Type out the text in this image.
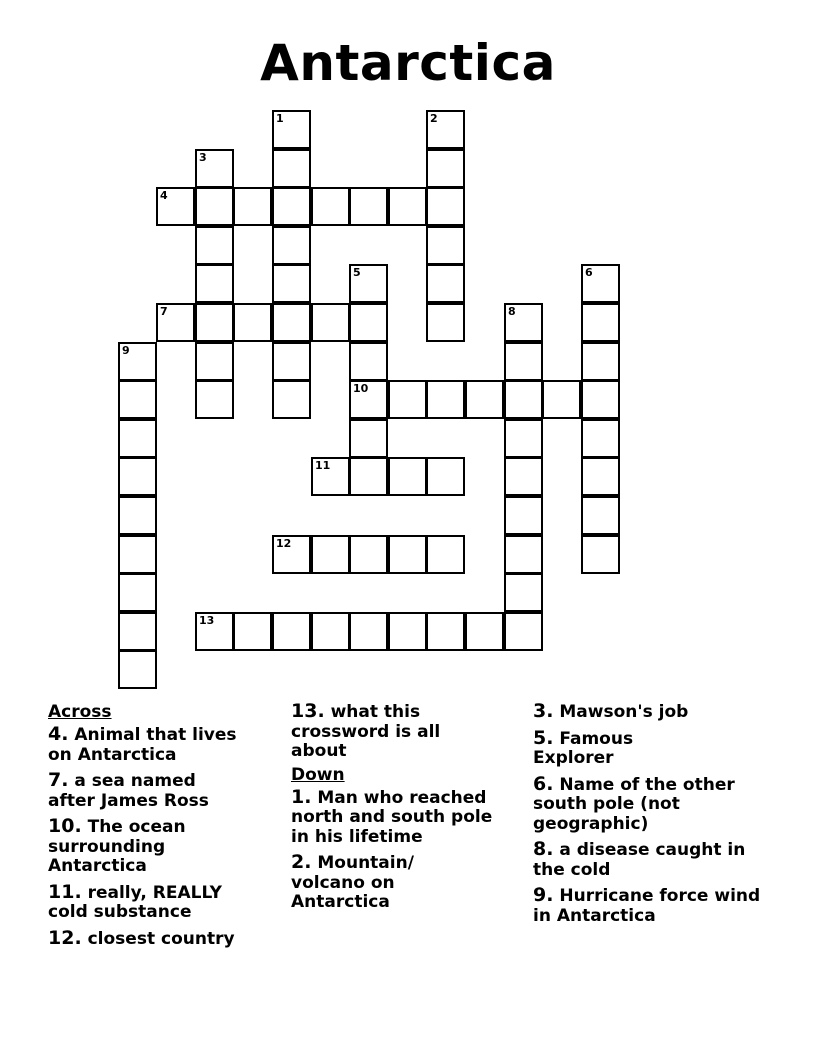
Antarctica
1	2
3
4
5	6
7	8
9
10
11
12
13
Across
4. Animal that lives on Antarctica
7. a sea named after James Ross
10. The ocean surrounding Antarctica
11. really, REALLY cold substance
12. closest country
13. what this crossword is all about
Down
1. Man who reached north and south pole in his lifetime
2. Mountain/ volcano on Antarctica
3. Mawson's job
5. Famous Explorer
6. Name of the other south pole (not geographic)
8. a disease caught in the cold
9. Hurricane force wind in Antarctica
